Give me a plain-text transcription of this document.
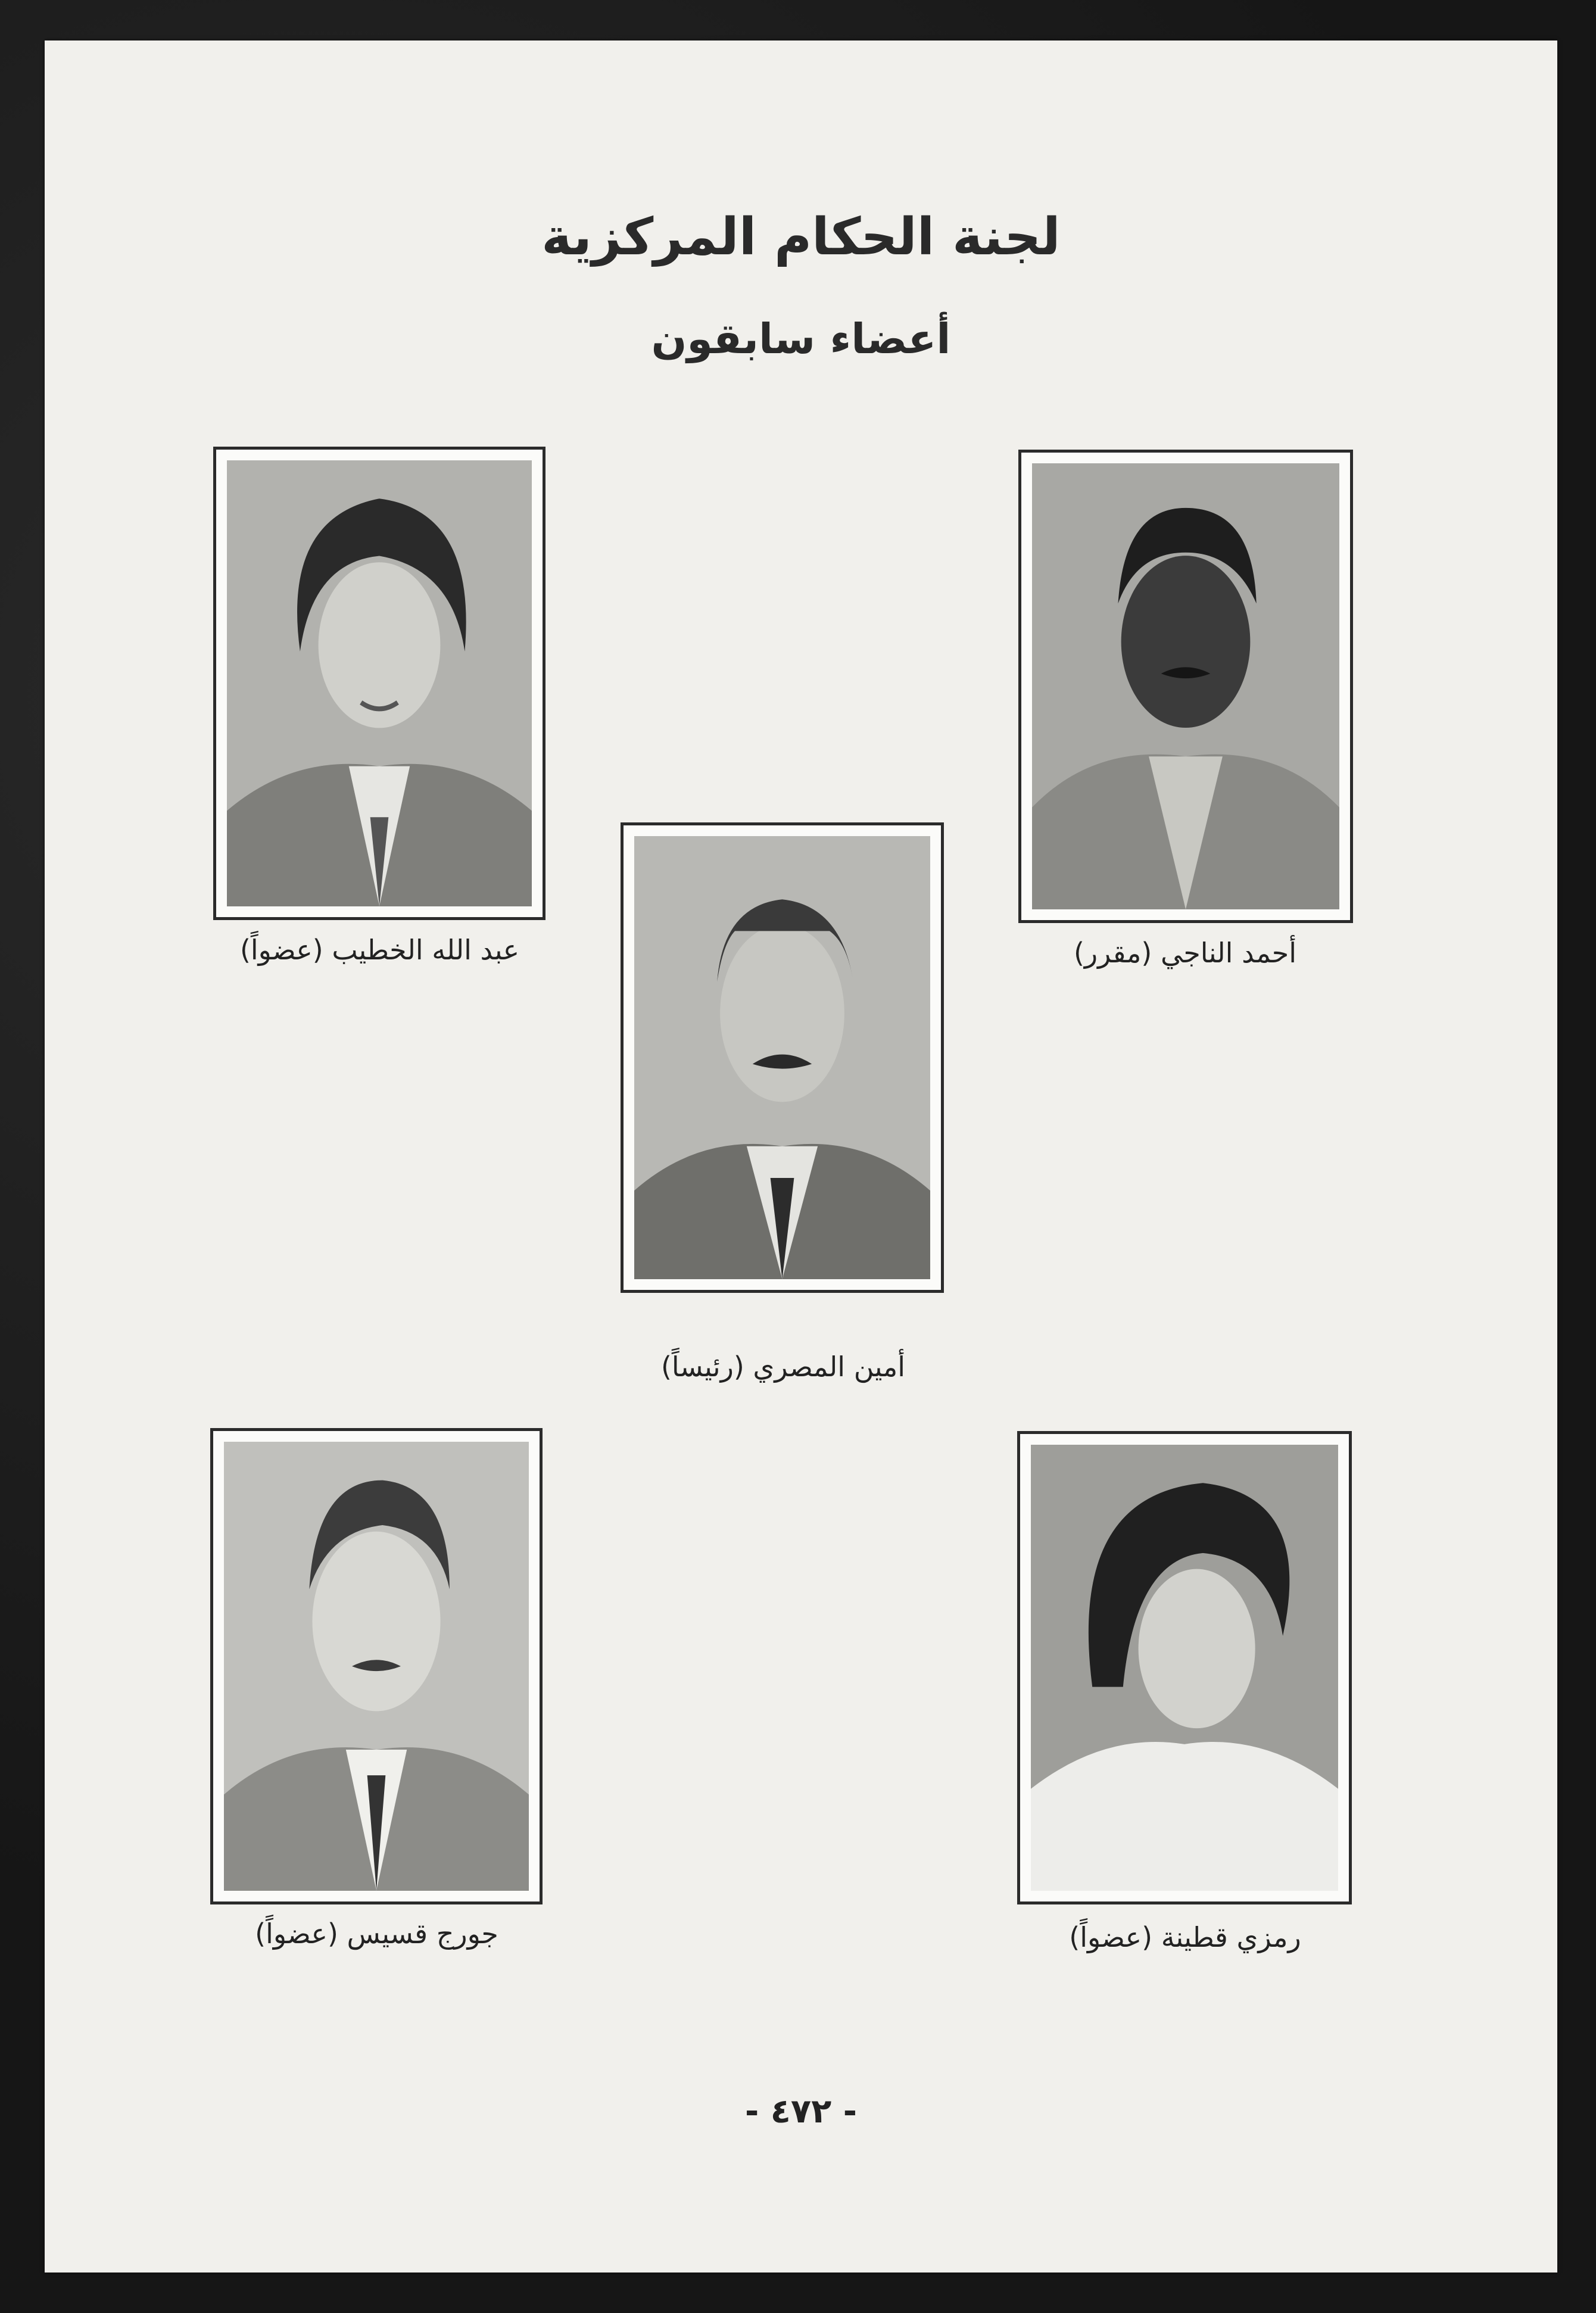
لجنة الحكام المركزية
أعضاء سابقون
أحمد الناجي (مقرر)
عبد الله الخطيب (عضواً)
أمين المصري (رئيساً)
رمزي قطينة (عضواً)
جورج قسيس (عضواً)
- ٤٧٢ -
